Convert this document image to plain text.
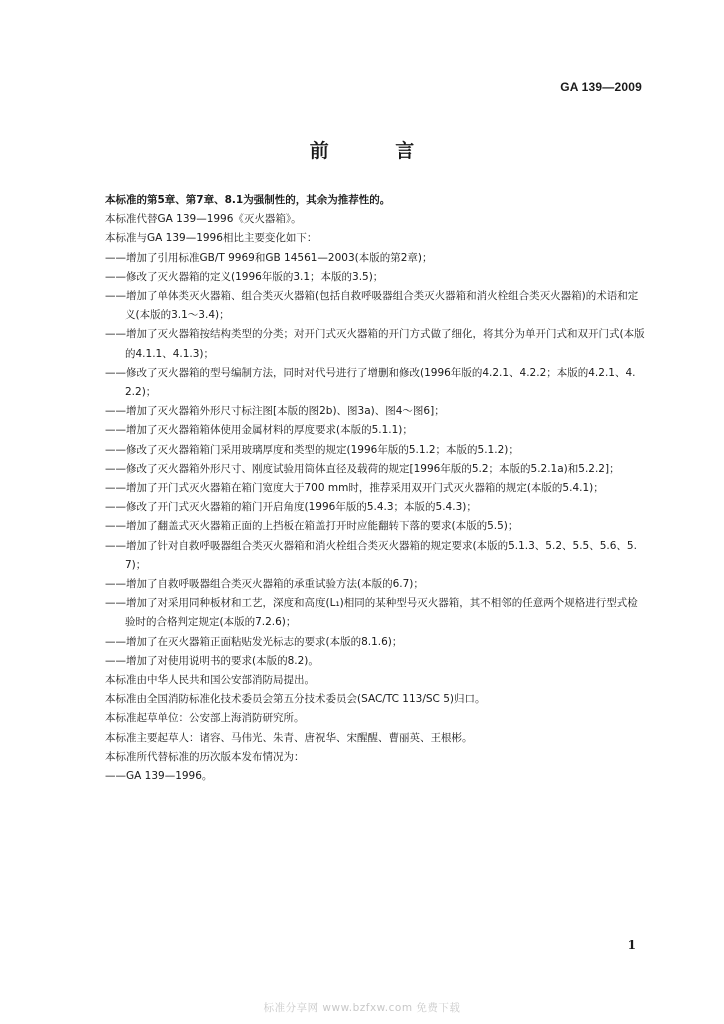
GA 139—2009
前 言

本标准的第5章、第7章、8.1为强制性的，其余为推荐性的。

本标准代替GA 139—1996《灭火器箱》。

本标准与GA 139—1996相比主要变化如下：

——增加了引用标准GB/T 9969和GB 14561—2003(本版的第2章)；

——修改了灭火器箱的定义(1996年版的3.1；本版的3.5)；

——增加了单体类灭火器箱、组合类灭火器箱(包括自救呼吸器组合类灭火器箱和消火栓组合类灭火器箱)的术语和定义(本版的3.1～3.4)；

——增加了灭火器箱按结构类型的分类；对开门式灭火器箱的开门方式做了细化，将其分为单开门式和双开门式(本版的4.1.1、4.1.3)；

——修改了灭火器箱的型号编制方法，同时对代号进行了增删和修改(1996年版的4.2.1、4.2.2；本版的4.2.1、4.2.2)；

——增加了灭火器箱外形尺寸标注图[本版的图2b)、图3a)、图4～图6]；

——增加了灭火器箱箱体使用金属材料的厚度要求(本版的5.1.1)；

——修改了灭火器箱箱门采用玻璃厚度和类型的规定(1996年版的5.1.2；本版的5.1.2)；

——修改了灭火器箱外形尺寸、刚度试验用筒体直径及载荷的规定[1996年版的5.2；本版的5.2.1a)和5.2.2]；

——增加了开门式灭火器箱在箱门宽度大于700 mm时，推荐采用双开门式灭火器箱的规定(本版的5.4.1)；

——修改了开门式灭火器箱的箱门开启角度(1996年版的5.4.3；本版的5.4.3)；

——增加了翻盖式灭火器箱正面的上挡板在箱盖打开时应能翻转下落的要求(本版的5.5)；

——增加了针对自救呼吸器组合类灭火器箱和消火栓组合类灭火器箱的规定要求(本版的5.1.3、5.2、5.5、5.6、5.7)；

——增加了自救呼吸器组合类灭火器箱的承重试验方法(本版的6.7)；

——增加了对采用同种板材和工艺，深度和高度(L₁)相同的某种型号灭火器箱，其不相邻的任意两个规格进行型式检验时的合格判定规定(本版的7.2.6)；

——增加了在灭火器箱正面粘贴发光标志的要求(本版的8.1.6)；

——增加了对使用说明书的要求(本版的8.2)。

本标准由中华人民共和国公安部消防局提出。

本标准由全国消防标准化技术委员会第五分技术委员会(SAC/TC 113/SC 5)归口。

本标准起草单位：公安部上海消防研究所。

本标准主要起草人：诸容、马伟光、朱青、唐祝华、宋醒醒、曹丽英、王根彬。

本标准所代替标准的历次版本发布情况为：

——GA 139—1996。

1
标准分享网 www.bzfxw.com 免费下载
